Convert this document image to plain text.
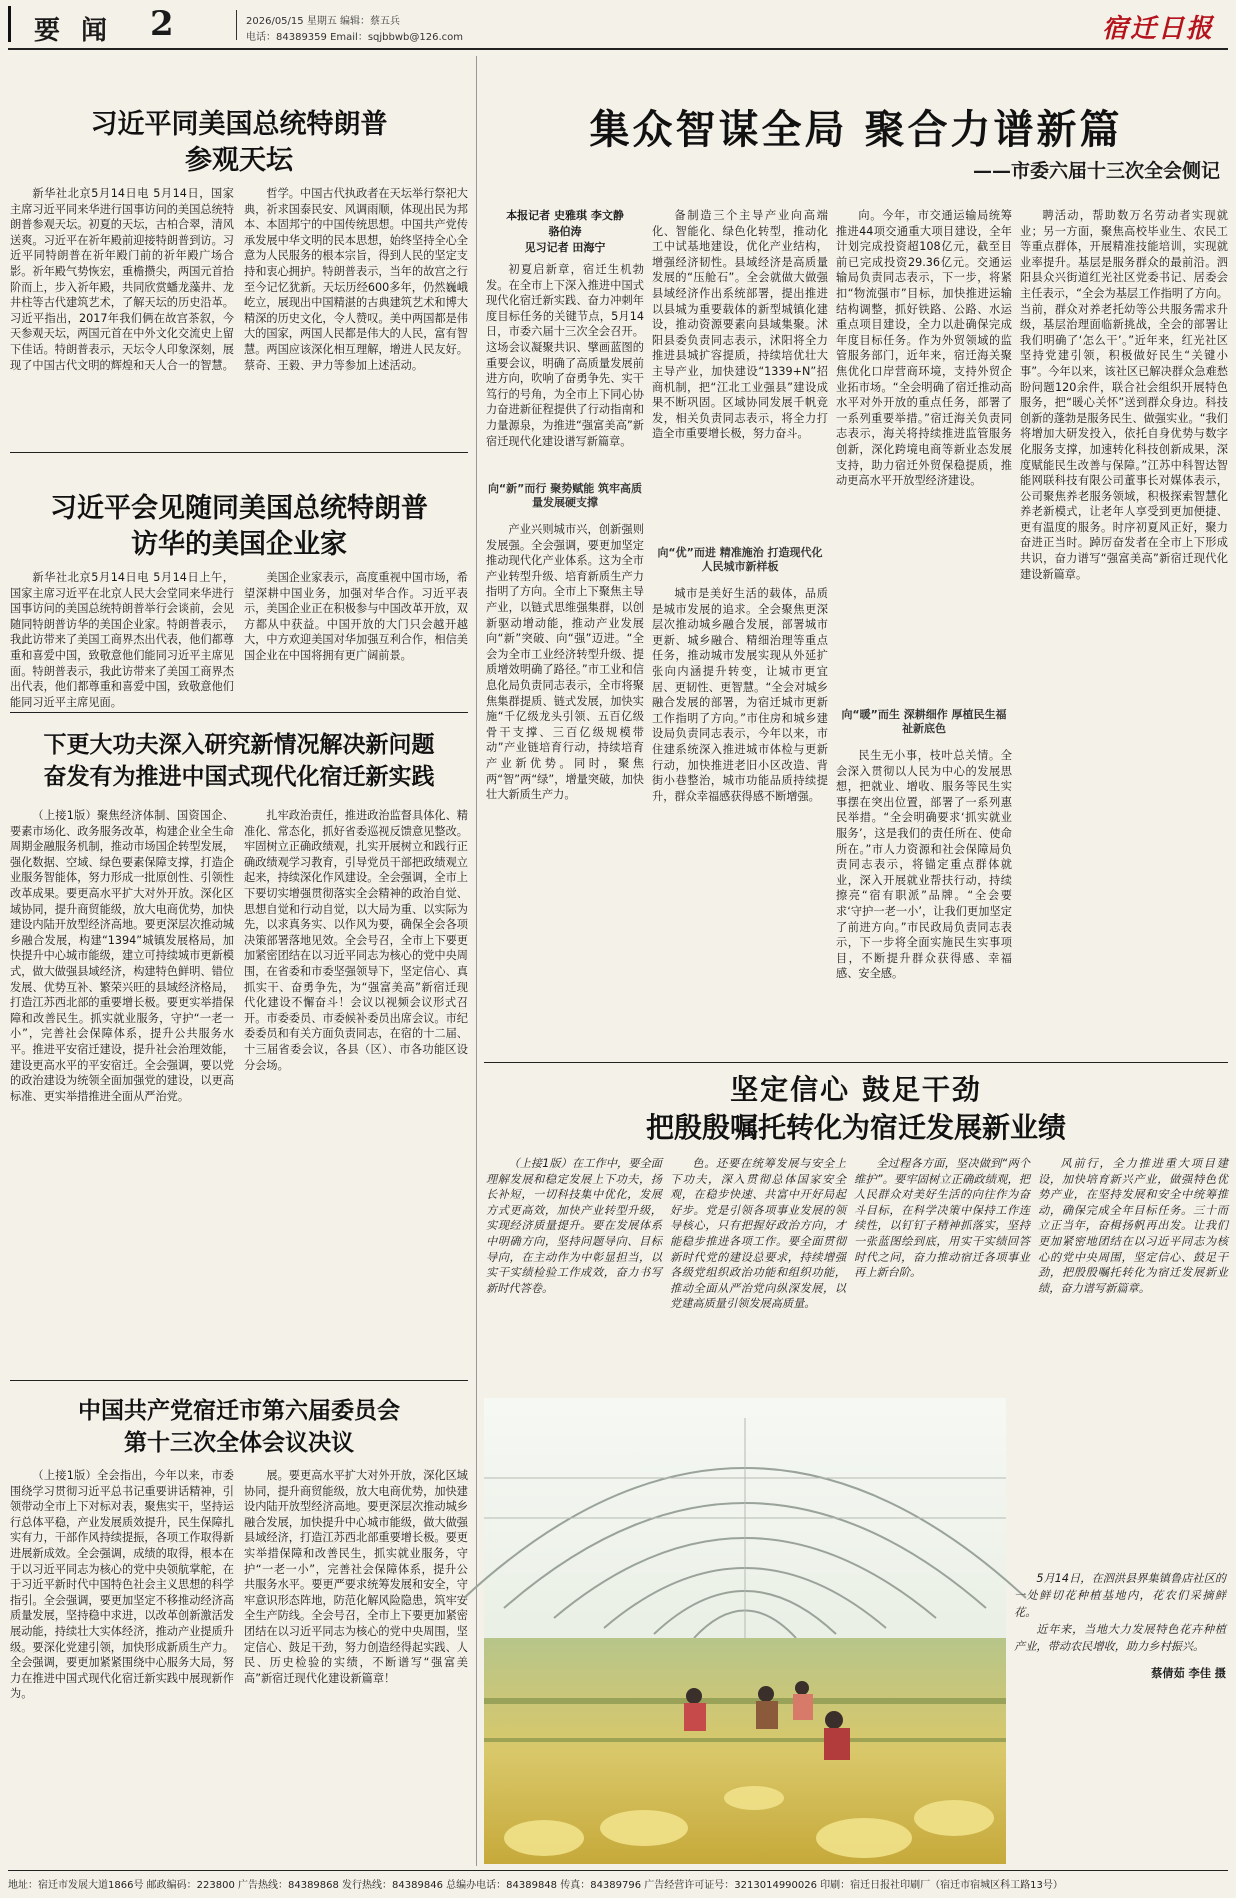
要 闻 2	2026/05/15 星期五 编辑：蔡五兵
电话：84389359 Email：sqjbbwb@126.com	宿迁日报
习近平同美国总统特朗普
参观天坛

新华社北京5月14日电 5月14日，国家主席习近平同来华进行国事访问的美国总统特朗普参观天坛。初夏的天坛，古柏合翠，清风送爽。习近平在祈年殿前迎接特朗普到访。习近平同特朗普在祈年殿门前的祈年殿广场合影。祈年殿气势恢宏，重檐攒尖，两国元首拾阶而上，步入祈年殿，共同欣赏蟠龙藻井、龙井柱等古代建筑艺术，了解天坛的历史沿革。习近平指出，2017年我们俩在故宫茶叙，今天参观天坛，两国元首在中外文化交流史上留下佳话。特朗普表示，天坛令人印象深刻，展现了中国古代文明的辉煌和天人合一的智慧。

哲学。中国古代执政者在天坛举行祭祀大典，祈求国泰民安、风调雨顺，体现出民为邦本、本固邦宁的中国传统思想。中国共产党传承发展中华文明的民本思想，始终坚持全心全意为人民服务的根本宗旨，得到人民的坚定支持和衷心拥护。特朗普表示，当年的故宫之行至今记忆犹新。天坛历经600多年，仍然巍峨屹立，展现出中国精湛的古典建筑艺术和博大精深的历史文化，令人赞叹。美中两国都是伟大的国家，两国人民都是伟大的人民，富有智慧。两国应该深化相互理解，增进人民友好。蔡奇、王毅、尹力等参加上述活动。

习近平会见随同美国总统特朗普
访华的美国企业家

新华社北京5月14日电 5月14日上午，国家主席习近平在北京人民大会堂同来华进行国事访问的美国总统特朗普举行会谈前，会见随同特朗普访华的美国企业家。特朗普表示，我此访带来了美国工商界杰出代表，他们都尊重和喜爱中国，致敬意他们能同习近平主席见面。特朗普表示，我此访带来了美国工商界杰出代表，他们都尊重和喜爱中国，致敬意他们能同习近平主席见面。

美国企业家表示，高度重视中国市场，希望深耕中国业务，加强对华合作。习近平表示，美国企业正在积极参与中国改革开放，双方都从中获益。中国开放的大门只会越开越大，中方欢迎美国对华加强互利合作，相信美国企业在中国将拥有更广阔前景。

下更大功夫深入研究新情况解决新问题
奋发有为推进中国式现代化宿迁新实践

（上接1版）聚焦经济体制、国资国企、要素市场化、政务服务改革，构建企业全生命周期金融服务机制，推动市场国企转型发展，强化数据、空域、绿色要素保障支撑，打造企业服务智能体，努力形成一批原创性、引领性改革成果。要更高水平扩大对外开放。深化区域协同，提升商贸能级，放大电商优势，加快建设内陆开放型经济高地。要更深层次推动城乡融合发展，构建“1394”城镇发展格局，加快提升中心城市能级，建立可持续城市更新模式，做大做强县域经济，构建特色鲜明、错位发展、优势互补、繁荣兴旺的县域经济格局，打造江苏西北部的重要增长极。要更实举措保障和改善民生。抓实就业服务，守护“一老一小”，完善社会保障体系，提升公共服务水平。推进平安宿迁建设，提升社会治理效能，建设更高水平的平安宿迁。全会强调，要以党的政治建设为统领全面加强党的建设，以更高标准、更实举措推进全面从严治党。

扎牢政治责任，推进政治监督具体化、精准化、常态化，抓好省委巡视反馈意见整改。牢固树立正确政绩观，扎实开展树立和践行正确政绩观学习教育，引导党员干部把政绩观立起来，持续深化作风建设。全会强调，全市上下要切实增强贯彻落实全会精神的政治自觉、思想自觉和行动自觉，以大局为重、以实际为先，以求真务实、以作风为要，确保全会各项决策部署落地见效。全会号召，全市上下要更加紧密团结在以习近平同志为核心的党中央周围，在省委和市委坚强领导下，坚定信心、真抓实干、奋勇争先，为“强富美高”新宿迁现代化建设不懈奋斗！会议以视频会议形式召开。市委委员、市委候补委员出席会议。市纪委委员和有关方面负责同志，在宿的十二届、十三届省委会议，各县（区）、市各功能区设分会场。

中国共产党宿迁市第六届委员会
第十三次全体会议决议

（上接1版）全会指出，今年以来，市委围绕学习贯彻习近平总书记重要讲话精神，引领带动全市上下对标对表，聚焦实干，坚持运行总体平稳，产业发展质效提升，民生保障扎实有力，干部作风持续提振，各项工作取得新进展新成效。全会强调，成绩的取得，根本在于以习近平同志为核心的党中央领航掌舵，在于习近平新时代中国特色社会主义思想的科学指引。全会强调，要更加坚定不移推动经济高质量发展，坚持稳中求进，以改革创新激活发展动能，持续壮大实体经济，推动产业提质升级。要深化党建引领，加快形成新质生产力。全会强调，要更加紧紧围绕中心服务大局，努力在推进中国式现代化宿迁新实践中展现新作为。

展。要更高水平扩大对外开放，深化区域协同，提升商贸能级，放大电商优势，加快建设内陆开放型经济高地。要更深层次推动城乡融合发展，加快提升中心城市能级，做大做强县域经济，打造江苏西北部重要增长极。要更实举措保障和改善民生，抓实就业服务，守护“一老一小”，完善社会保障体系，提升公共服务水平。要更严要求统筹发展和安全，守牢意识形态阵地，防范化解风险隐患，筑牢安全生产防线。全会号召，全市上下要更加紧密团结在以习近平同志为核心的党中央周围，坚定信心、鼓足干劲，努力创造经得起实践、人民、历史检验的实绩，不断谱写“强富美高”新宿迁现代化建设新篇章！

集众智谋全局 聚合力谱新篇
——市委六届十三次全会侧记
本报记者 史雅琪 李文静
骆伯涛
见习记者 田海宁

初夏启新章，宿迁生机勃发。在全市上下深入推进中国式现代化宿迁新实践、奋力冲刺年度目标任务的关键节点，5月14日，市委六届十三次全会召开。这场会议凝聚共识、擘画蓝图的重要会议，明确了高质量发展前进方向，吹响了奋勇争先、实干笃行的号角，为全市上下同心协力奋进新征程提供了行动指南和力量源泉，为推进“强富美高”新宿迁现代化建设谱写新篇章。

向“新”而行 聚势赋能 筑牢高质量发展硬支撑

产业兴则城市兴，创新强则发展强。全会强调，要更加坚定推动现代化产业体系。这为全市产业转型升级、培育新质生产力指明了方向。全市上下聚焦主导产业，以链式思维强集群，以创新驱动增动能，推动产业发展向“新”突破、向“强”迈进。“全会为全市工业经济转型升级、提质增效明确了路径。”市工业和信息化局负责同志表示，全市将聚焦集群提质、链式发展，加快实施“千亿级龙头引领、五百亿级骨干支撑、三百亿级规模带动”产业链培育行动，持续培育产业新优势。同时，聚焦两“智”两“绿”，增量突破，加快壮大新质生产力。

备制造三个主导产业向高端化、智能化、绿色化转型，推动化工中试基地建设，优化产业结构，增强经济韧性。县域经济是高质量发展的“压舱石”。全会就做大做强县域经济作出系统部署，提出推进以县城为重要载体的新型城镇化建设，推动资源要素向县域集聚。沭阳县委负责同志表示，沭阳将全力推进县城扩容提质，持续培优壮大主导产业，加快建设“1339+N”招商机制，把“江北工业强县”建设成果不断巩固。区域协同发展千帆竞发，相关负责同志表示，将全力打造全市重要增长极，努力奋斗。

向“优”而进 精准施治 打造现代化人民城市新样板

城市是美好生活的载体，品质是城市发展的追求。全会聚焦更深层次推动城乡融合发展，部署城市更新、城乡融合、精细治理等重点任务，推动城市发展实现从外延扩张向内涵提升转变，让城市更宜居、更韧性、更智慧。“全会对城乡融合发展的部署，为宿迁城市更新工作指明了方向。”市住房和城乡建设局负责同志表示，今年以来，市住建系统深入推进城市体检与更新行动，加快推进老旧小区改造、背街小巷整治，城市功能品质持续提升，群众幸福感获得感不断增强。

向。今年，市交通运输局统筹推进44项交通重大项目建设，全年计划完成投资超108亿元，截至目前已完成投资29.36亿元。交通运输局负责同志表示，下一步，将紧扣“物流强市”目标，加快推进运输结构调整，抓好铁路、公路、水运重点项目建设，全力以赴确保完成年度目标任务。作为外贸领域的监管服务部门，近年来，宿迁海关聚焦优化口岸营商环境，支持外贸企业拓市场。“全会明确了宿迁推动高水平对外开放的重点任务，部署了一系列重要举措。”宿迁海关负责同志表示，海关将持续推进监管服务创新，深化跨境电商等新业态发展支持，助力宿迁外贸保稳提质，推动更高水平开放型经济建设。

向“暖”而生 深耕细作 厚植民生福祉新底色

民生无小事，枝叶总关情。全会深入贯彻以人民为中心的发展思想，把就业、增收、服务等民生实事摆在突出位置，部署了一系列惠民举措。“全会明确要求‘抓实就业服务’，这是我们的责任所在、使命所在。”市人力资源和社会保障局负责同志表示，将锚定重点群体就业，深入开展就业帮扶行动，持续擦亮“宿有职派”品牌。“全会要求‘守护一老一小’，让我们更加坚定了前进方向。”市民政局负责同志表示，下一步将全面实施民生实事项目，不断提升群众获得感、幸福感、安全感。

聘活动，帮助数万名劳动者实现就业；另一方面，聚焦高校毕业生、农民工等重点群体，开展精准技能培训，实现就业率提升。基层是服务群众的最前沿。泗阳县众兴街道红光社区党委书记、居委会主任表示，“全会为基层工作指明了方向。当前，群众对养老托幼等公共服务需求升级，基层治理面临新挑战，全会的部署让我们明确了‘怎么干’。”近年来，红光社区坚持党建引领，积极做好民生“关键小事”。今年以来，该社区已解决群众急难愁盼问题120余件，联合社会组织开展特色服务，把“暖心关怀”送到群众身边。科技创新的蓬勃是服务民生、做强实业。“我们将增加大研发投入，依托自身优势与数字化服务支撑，加速转化科技创新成果，深度赋能民生改善与保障。”江苏中科智达智能网联科技有限公司董事长对媒体表示，公司聚焦养老服务领域，积极探索智慧化养老新模式，让老年人享受到更加便捷、更有温度的服务。时序初夏风正好，聚力奋进正当时。踔厉奋发者在全市上下形成共识，奋力谱写“强富美高”新宿迁现代化建设新篇章。

坚定信心 鼓足干劲
把殷殷嘱托转化为宿迁发展新业绩

（上接1版）在工作中，要全面理解发展和稳定发展上下功夫，扬长补短，一切科技集中优化，发展方式更高效，加快产业转型升级，实现经济质量提升。要在发展体系中明确方向，坚持问题导向、目标导向，在主动作为中彰显担当，以实干实绩检验工作成效，奋力书写新时代答卷。

色。还要在统筹发展与安全上下功夫，深入贯彻总体国家安全观，在稳步快速、共富中开好局起好步。党是引领各项事业发展的领导核心，只有把握好政治方向，才能稳步推进各项工作。要全面贯彻新时代党的建设总要求，持续增强各级党组织政治功能和组织功能，推动全面从严治党向纵深发展，以党建高质量引领发展高质量。

全过程各方面，坚决做到“两个维护”。要牢固树立正确政绩观，把人民群众对美好生活的向往作为奋斗目标，在科学决策中保持工作连续性，以钉钉子精神抓落实，坚持一张蓝图绘到底，用实干实绩回答时代之问，奋力推动宿迁各项事业再上新台阶。

风前行，全力推进重大项目建设，加快培育新兴产业，做强特色优势产业，在坚持发展和安全中统筹推动，确保完成全年目标任务。三十而立正当年，奋楫扬帆再出发。让我们更加紧密地团结在以习近平同志为核心的党中央周围，坚定信心、鼓足干劲，把殷殷嘱托转化为宿迁发展新业绩，奋力谱写新篇章。

5月14日，在泗洪县界集镇鲁店社区的一处鲜切花种植基地内，花农们采摘鲜花。

近年来，当地大力发展特色花卉种植产业，带动农民增收，助力乡村振兴。

蔡倩茹 李佳 摄

地址：宿迁市发展大道1866号 邮政编码：223800 广告热线：84389868 发行热线：84389846 总编办电话：84389848 传真：84389796 广告经营许可证号：3213014990026 印刷：宿迁日报社印刷厂（宿迁市宿城区科工路13号）
